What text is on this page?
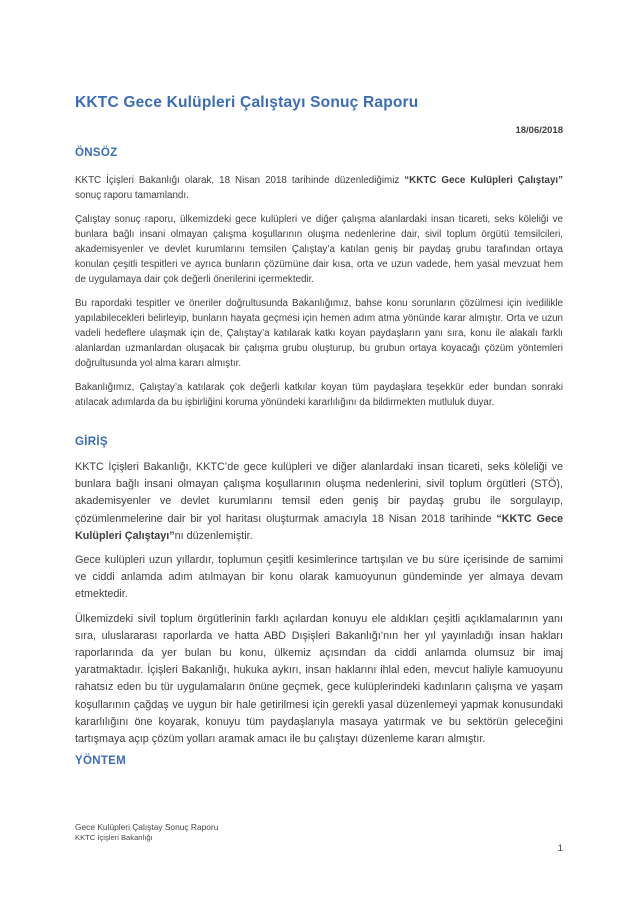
KKTC Gece Kulüpleri Çalıştayı Sonuç Raporu
18/06/2018
ÖNSÖZ

KKTC İçişleri Bakanlığı olarak, 18 Nisan 2018 tarihinde düzenlediğimiz “KKTC Gece Kulüpleri Çalıştayı” sonuç raporu tamamlandı.

Çalıştay sonuç raporu, ülkemizdeki gece kulüpleri ve diğer çalışma alanlardaki insan ticareti, seks köleliği ve bunlara bağlı insani olmayan çalışma koşullarının oluşma nedenlerine dair, sivil toplum örgütü temsilcileri, akademisyenler ve devlet kurumlarını temsilen Çalıştay’a katılan geniş bir paydaş grubu tarafından ortaya konulan çeşitli tespitleri ve ayrıca bunların çözümüne dair kısa, orta ve uzun vadede, hem yasal mevzuat hem de uygulamaya dair çok değerli önerilerini içermektedir.

Bu rapordaki tespitler ve öneriler doğrultusunda Bakanlığımız, bahse konu sorunların çözülmesi için ivedilikle yapılabilecekleri belirleyip, bunların hayata geçmesi için hemen adım atma yönünde karar almıştır. Orta ve uzun vadeli hedeflere ulaşmak için de, Çalıştay’a katılarak katkı koyan paydaşların yanı sıra, konu ile alakalı farklı alanlardan uzmanlardan oluşacak bir çalışma grubu oluşturup, bu grubun ortaya koyacağı çözüm yöntemleri doğrultusunda yol alma kararı almıştır.

Bakanlığımız, Çalıştay’a katılarak çok değerli katkılar koyan tüm paydaşlara teşekkür eder bundan sonraki atılacak adımlarda da bu işbirliğini koruma yönündeki kararlılığını da bildirmekten mutluluk duyar.

GİRİŞ

KKTC İçişleri Bakanlığı, KKTC’de gece kulüpleri ve diğer alanlardaki insan ticareti, seks köleliği ve bunlara bağlı insani olmayan çalışma koşullarının oluşma nedenlerini, sivil toplum örgütleri (STÖ), akademisyenler ve devlet kurumlarını temsil eden geniş bir paydaş grubu ile sorgulayıp, çözümlenmelerine dair bir yol haritası oluşturmak amacıyla 18 Nisan 2018 tarihinde “KKTC Gece Kulüpleri Çalıştayı”nı düzenlemiştir.

Gece kulüpleri uzun yıllardır, toplumun çeşitli kesimlerince tartışılan ve bu süre içerisinde de samimi ve ciddi anlamda adım atılmayan bir konu olarak kamuoyunun gündeminde yer almaya devam etmektedir.

Ülkemizdeki sivil toplum örgütlerinin farklı açılardan konuyu ele aldıkları çeşitli açıklamalarının yanı sıra, uluslararası raporlarda ve hatta ABD Dışişleri Bakanlığı’nın her yıl yayınladığı insan hakları raporlarında da yer bulan bu konu, ülkemiz açısından da ciddi anlamda olumsuz bir imaj yaratmaktadır. İçişleri Bakanlığı, hukuka aykırı, insan haklarını ihlal eden, mevcut haliyle kamuoyunu rahatsız eden bu tür uygulamaların önüne geçmek, gece kulüplerindeki kadınların çalışma ve yaşam koşullarının çağdaş ve uygun bir hale getirilmesi için gerekli yasal düzenlemeyi yapmak konusundaki kararlılığını öne koyarak, konuyu tüm paydaşlarıyla masaya yatırmak ve bu sektörün geleceğini tartışmaya açıp çözüm yolları aramak amacı ile bu çalıştayı düzenleme kararı almıştır.

YÖNTEM
Gece Kulüpleri Çalıştay Sonuç Raporu
KKTC İçişleri Bakanlığı
1
